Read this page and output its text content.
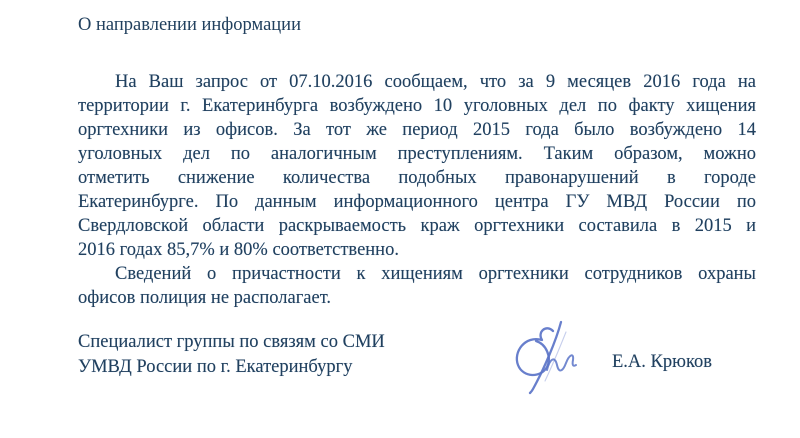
О направлении информации
На Ваш запрос от 07.10.2016 сообщаем, что за 9 месяцев 2016 года на
территории г. Екатеринбурга возбуждено 10 уголовных дел по факту хищения
оргтехники из офисов. За тот же период 2015 года было возбуждено 14
уголовных дел по аналогичным преступлениям. Таким образом, можно
отметить снижение количества подобных правонарушений в городе
Екатеринбурге. По данным информационного центра ГУ МВД России по
Свердловской области раскрываемость краж оргтехники составила в 2015 и
2016 годах 85,7% и 80% соответственно.
Сведений о причастности к хищениям оргтехники сотрудников охраны
офисов полиция не располагает.
Специалист группы по связям со СМИ
УМВД России по г. Екатеринбургу	Е.А. Крюков
